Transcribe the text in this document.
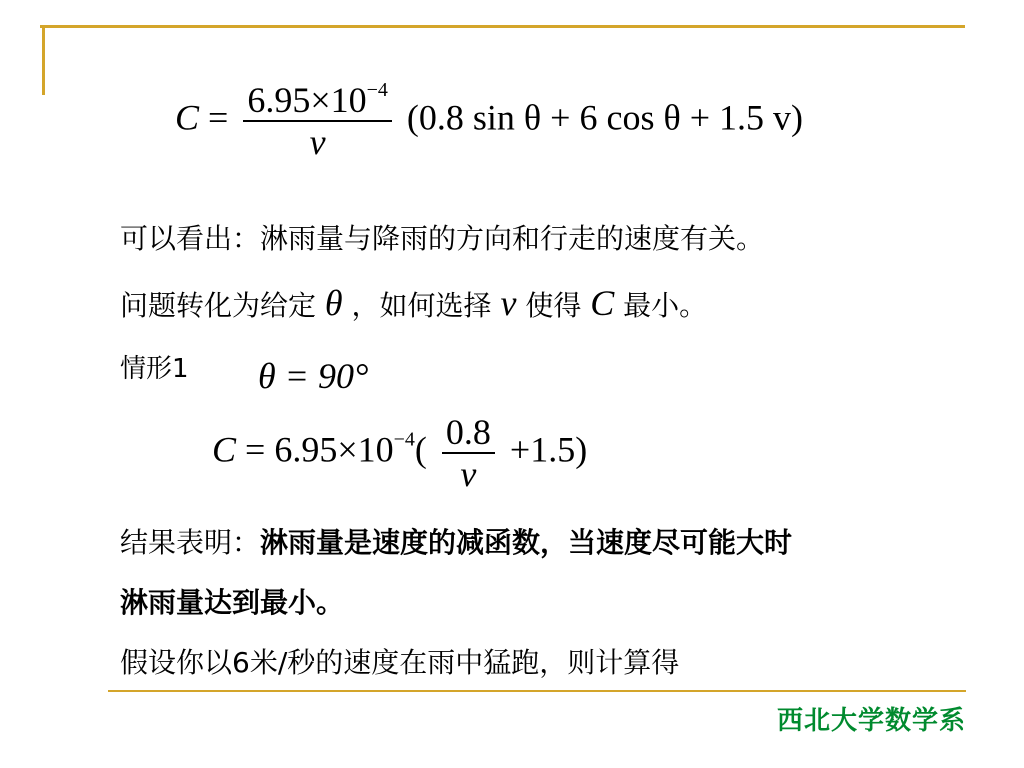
$C = \frac{6.95\times 10^{-4}}{v} (0.8$ sin θ + 6 cos θ + 1.5 v)
可以看出：淋雨量与降雨的方向和行走的速度有关。
问题转化为给定 θ ，如何选择 v 使得 C 最小。
情形1 θ = 90°
$C = 6.95\times 10^{-4}( \frac{0.8}{v} +1.5)$
结果表明：淋雨量是速度的减函数，当速度尽可能大时
淋雨量达到最小。
假设你以6米/秒的速度在雨中猛跑，则计算得
西北大学数学系
